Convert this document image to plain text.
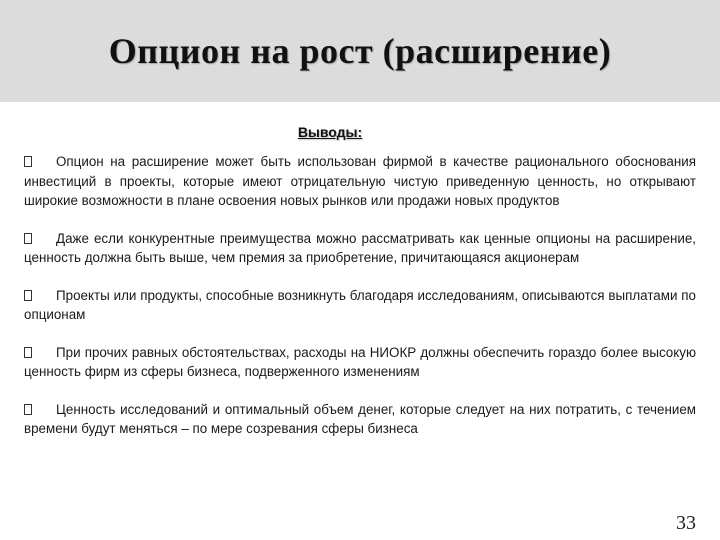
Опцион на рост (расширение)
Выводы:

Опцион на расширение может быть использован фирмой в качестве рационального обоснования инвестиций в проекты, которые имеют отрицательную чистую приведенную ценность, но открывают широкие возможности в плане освоения новых рынков или продажи новых продуктов

Даже если конкурентные преимущества можно рассматривать как ценные опционы на расширение, ценность должна быть выше, чем премия за приобретение, причитающаяся акционерам

Проекты или продукты, способные возникнуть благодаря исследованиям, описываются выплатами по опционам

При прочих равных обстоятельствах, расходы на НИОКР должны обеспечить гораздо более высокую ценность фирм из сферы бизнеса, подверженного изменениям

Ценность исследований и оптимальный объем денег, которые следует на них потратить, с течением времени будут меняться – по мере созревания сферы бизнеса

33
